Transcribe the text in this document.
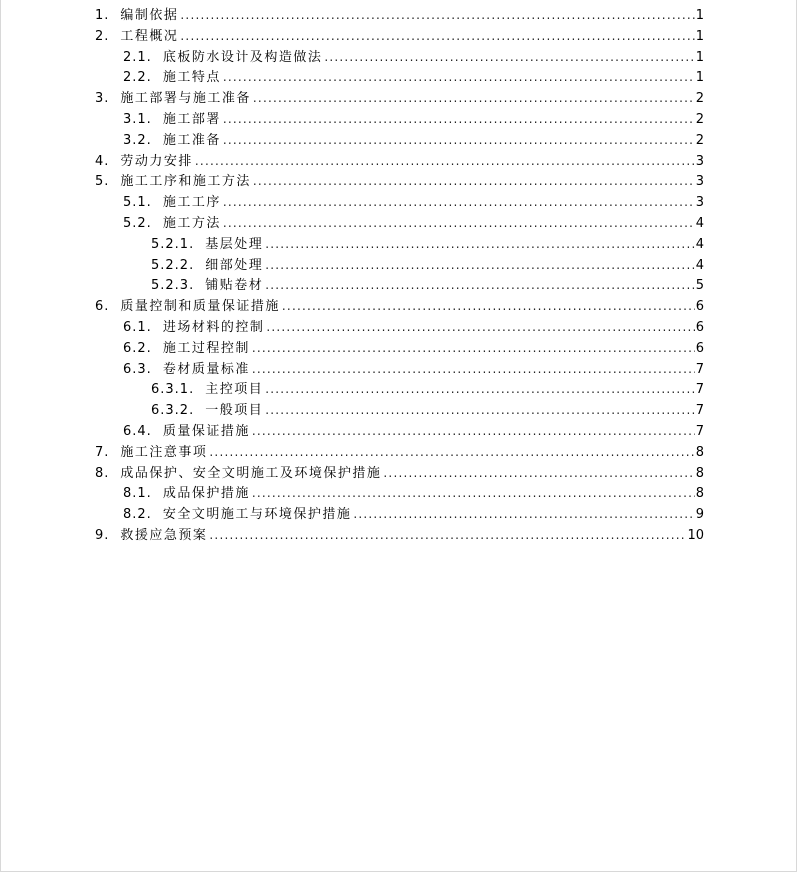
1. 编制依据 .....	1
2. 工程概况 .....	1
2.1. 底板防水设计及构造做法 .....	1
2.2. 施工特点 .....	1
3. 施工部署与施工准备 .....	2
3.1. 施工部署 .....	2
3.2. 施工准备 .....	2
4. 劳动力安排 .....	3
5. 施工工序和施工方法 .....	3
5.1. 施工工序 .....	3
5.2. 施工方法 .....	4
5.2.1. 基层处理 .....	4
5.2.2. 细部处理 .....	4
5.2.3. 铺贴卷材 .....	5
6. 质量控制和质量保证措施 .....	6
6.1. 进场材料的控制 .....	6
6.2. 施工过程控制 .....	6
6.3. 卷材质量标准 .....	7
6.3.1. 主控项目 .....	7
6.3.2. 一般项目 .....	7
6.4. 质量保证措施 .....	7
7. 施工注意事项 .....	8
8. 成品保护、安全文明施工及环境保护措施 .....	8
8.1. 成品保护措施 .....	8
8.2. 安全文明施工与环境保护措施 .....	9
9. 救援应急预案 .....	10
